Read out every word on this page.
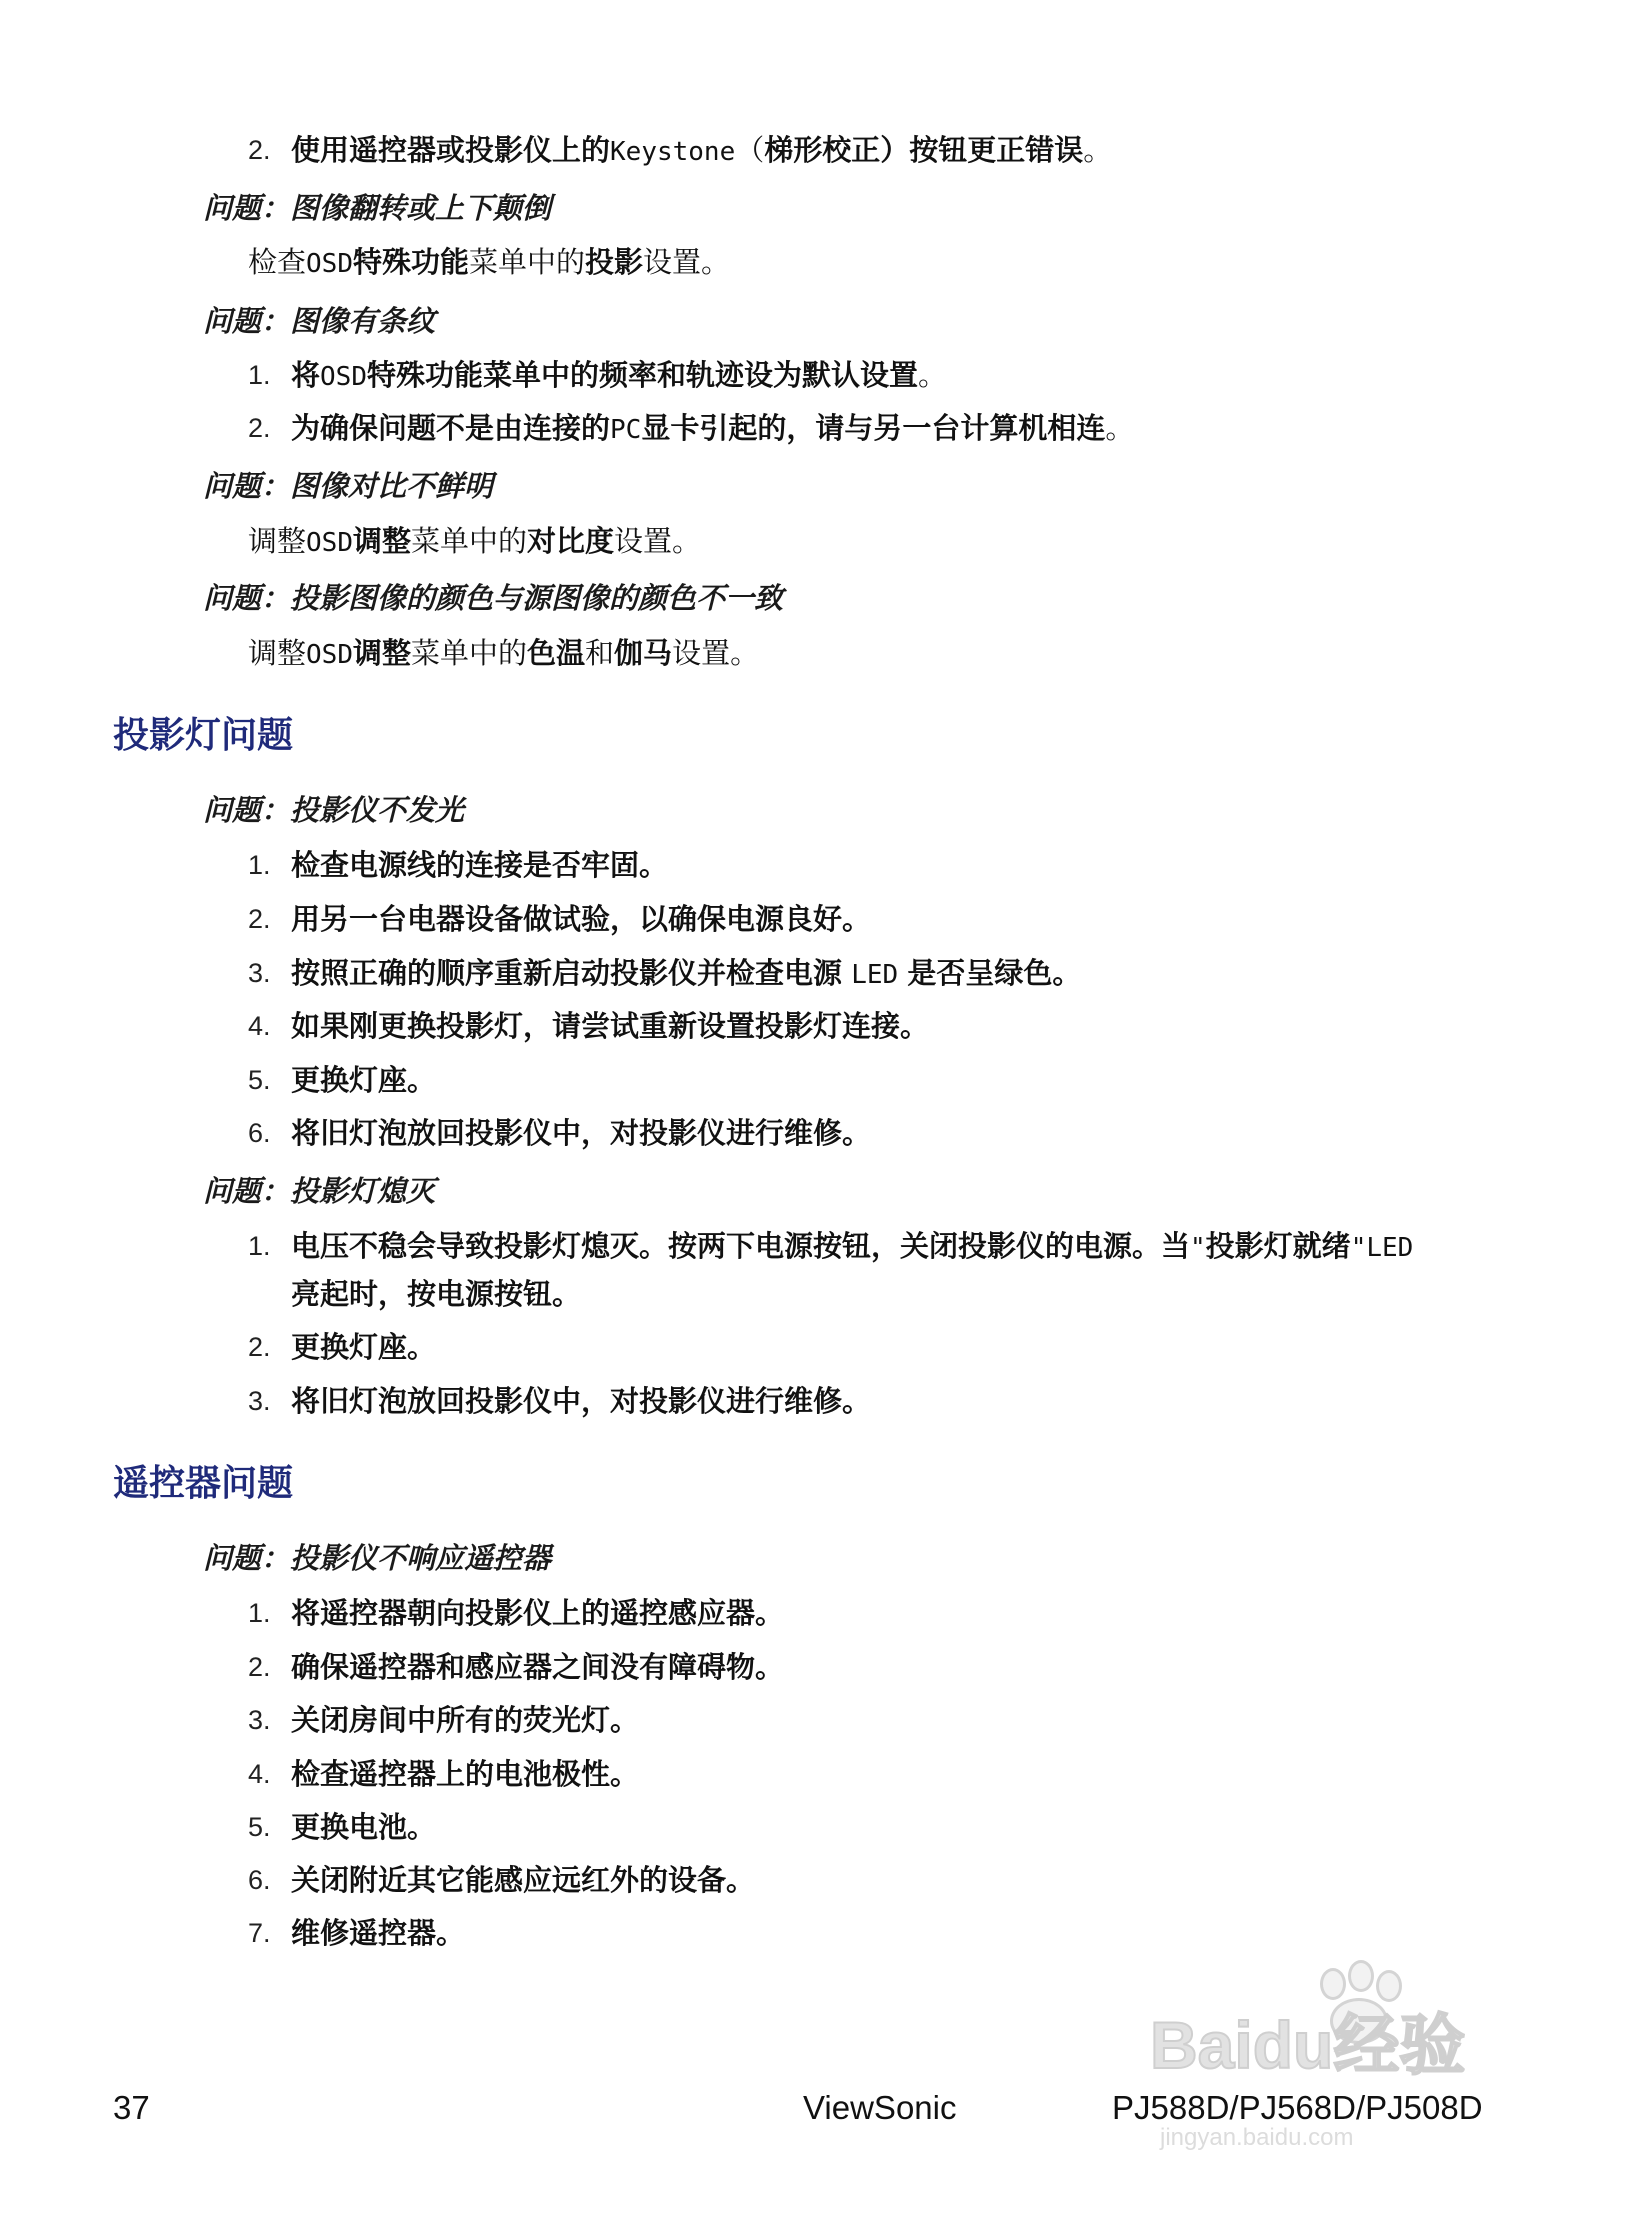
2. 使用遥控器或投影仪上的Keystone（梯形校正）按钮更正错误。
问题：图像翻转或上下颠倒
检查OSD特殊功能菜单中的投影设置。
问题：图像有条纹
1. 将OSD特殊功能菜单中的频率和轨迹设为默认设置。
2. 为确保问题不是由连接的PC显卡引起的，请与另一台计算机相连。
问题：图像对比不鲜明
调整OSD调整菜单中的对比度设置。
问题：投影图像的颜色与源图像的颜色不一致
调整OSD调整菜单中的色温和伽马设置。
投影灯问题
问题：投影仪不发光
1. 检查电源线的连接是否牢固。
2. 用另一台电器设备做试验，以确保电源良好。
3. 按照正确的顺序重新启动投影仪并检查电源 LED 是否呈绿色。
4. 如果刚更换投影灯，请尝试重新设置投影灯连接。
5. 更换灯座。
6. 将旧灯泡放回投影仪中，对投影仪进行维修。
问题：投影灯熄灭
1. 电压不稳会导致投影灯熄灭。按两下电源按钮，关闭投影仪的电源。当"投影灯就绪"LED
亮起时，按电源按钮。
2. 更换灯座。
3. 将旧灯泡放回投影仪中，对投影仪进行维修。
遥控器问题
问题：投影仪不响应遥控器
1. 将遥控器朝向投影仪上的遥控感应器。
2. 确保遥控器和感应器之间没有障碍物。
3. 关闭房间中所有的荧光灯。
4. 检查遥控器上的电池极性。
5. 更换电池。
6. 关闭附近其它能感应远红外的设备。
7. 维修遥控器。
Baidu经验
jingyan.baidu.com
37	ViewSonic	PJ588D/PJ568D/PJ508D
